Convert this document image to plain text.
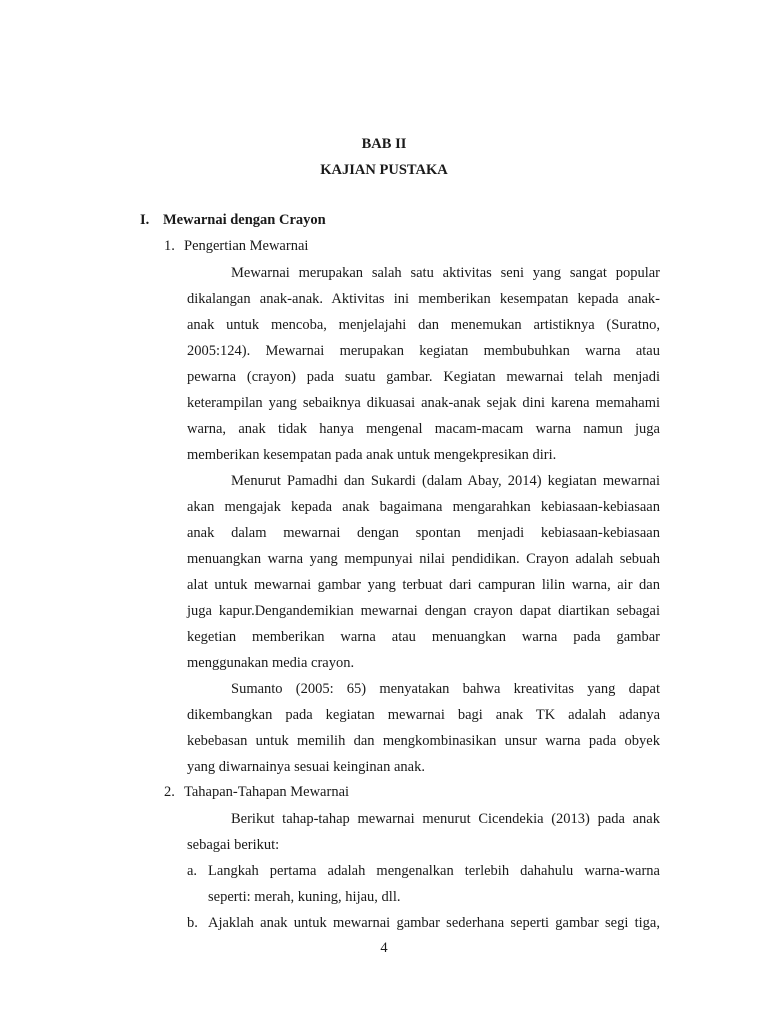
BAB II
KAJIAN PUSTAKA
I. Mewarnai dengan Crayon
1. Pengertian Mewarnai
Mewarnai merupakan salah satu aktivitas seni yang sangat popular
dikalangan anak-anak. Aktivitas ini memberikan kesempatan kepada anak-
anak untuk mencoba, menjelajahi dan menemukan artistiknya (Suratno,
2005:124). Mewarnai merupakan kegiatan membubuhkan warna atau
pewarna (crayon) pada suatu gambar. Kegiatan mewarnai telah menjadi
keterampilan yang sebaiknya dikuasai anak-anak sejak dini karena memahami
warna, anak tidak hanya mengenal macam-macam warna namun juga
memberikan kesempatan pada anak untuk mengekpresikan diri.
Menurut Pamadhi dan Sukardi (dalam Abay, 2014) kegiatan mewarnai
akan mengajak kepada anak bagaimana mengarahkan kebiasaan-kebiasaan
anak dalam mewarnai dengan spontan menjadi kebiasaan-kebiasaan
menuangkan warna yang mempunyai nilai pendidikan. Crayon adalah sebuah
alat untuk mewarnai gambar yang terbuat dari campuran lilin warna, air dan
juga kapur.Dengandemikian mewarnai dengan crayon dapat diartikan sebagai
kegetian memberikan warna atau menuangkan warna pada gambar
menggunakan media crayon.
Sumanto (2005: 65) menyatakan bahwa kreativitas yang dapat
dikembangkan pada kegiatan mewarnai bagi anak TK adalah adanya
kebebasan untuk memilih dan mengkombinasikan unsur warna pada obyek
yang diwarnainya sesuai keinginan anak.
2. Tahapan-Tahapan Mewarnai
Berikut tahap-tahap mewarnai menurut Cicendekia (2013) pada anak
sebagai berikut:
a. Langkah pertama adalah mengenalkan terlebih dahahulu warna-warna
seperti: merah, kuning, hijau, dll.
b. Ajaklah anak untuk mewarnai gambar sederhana seperti gambar segi tiga,
4
